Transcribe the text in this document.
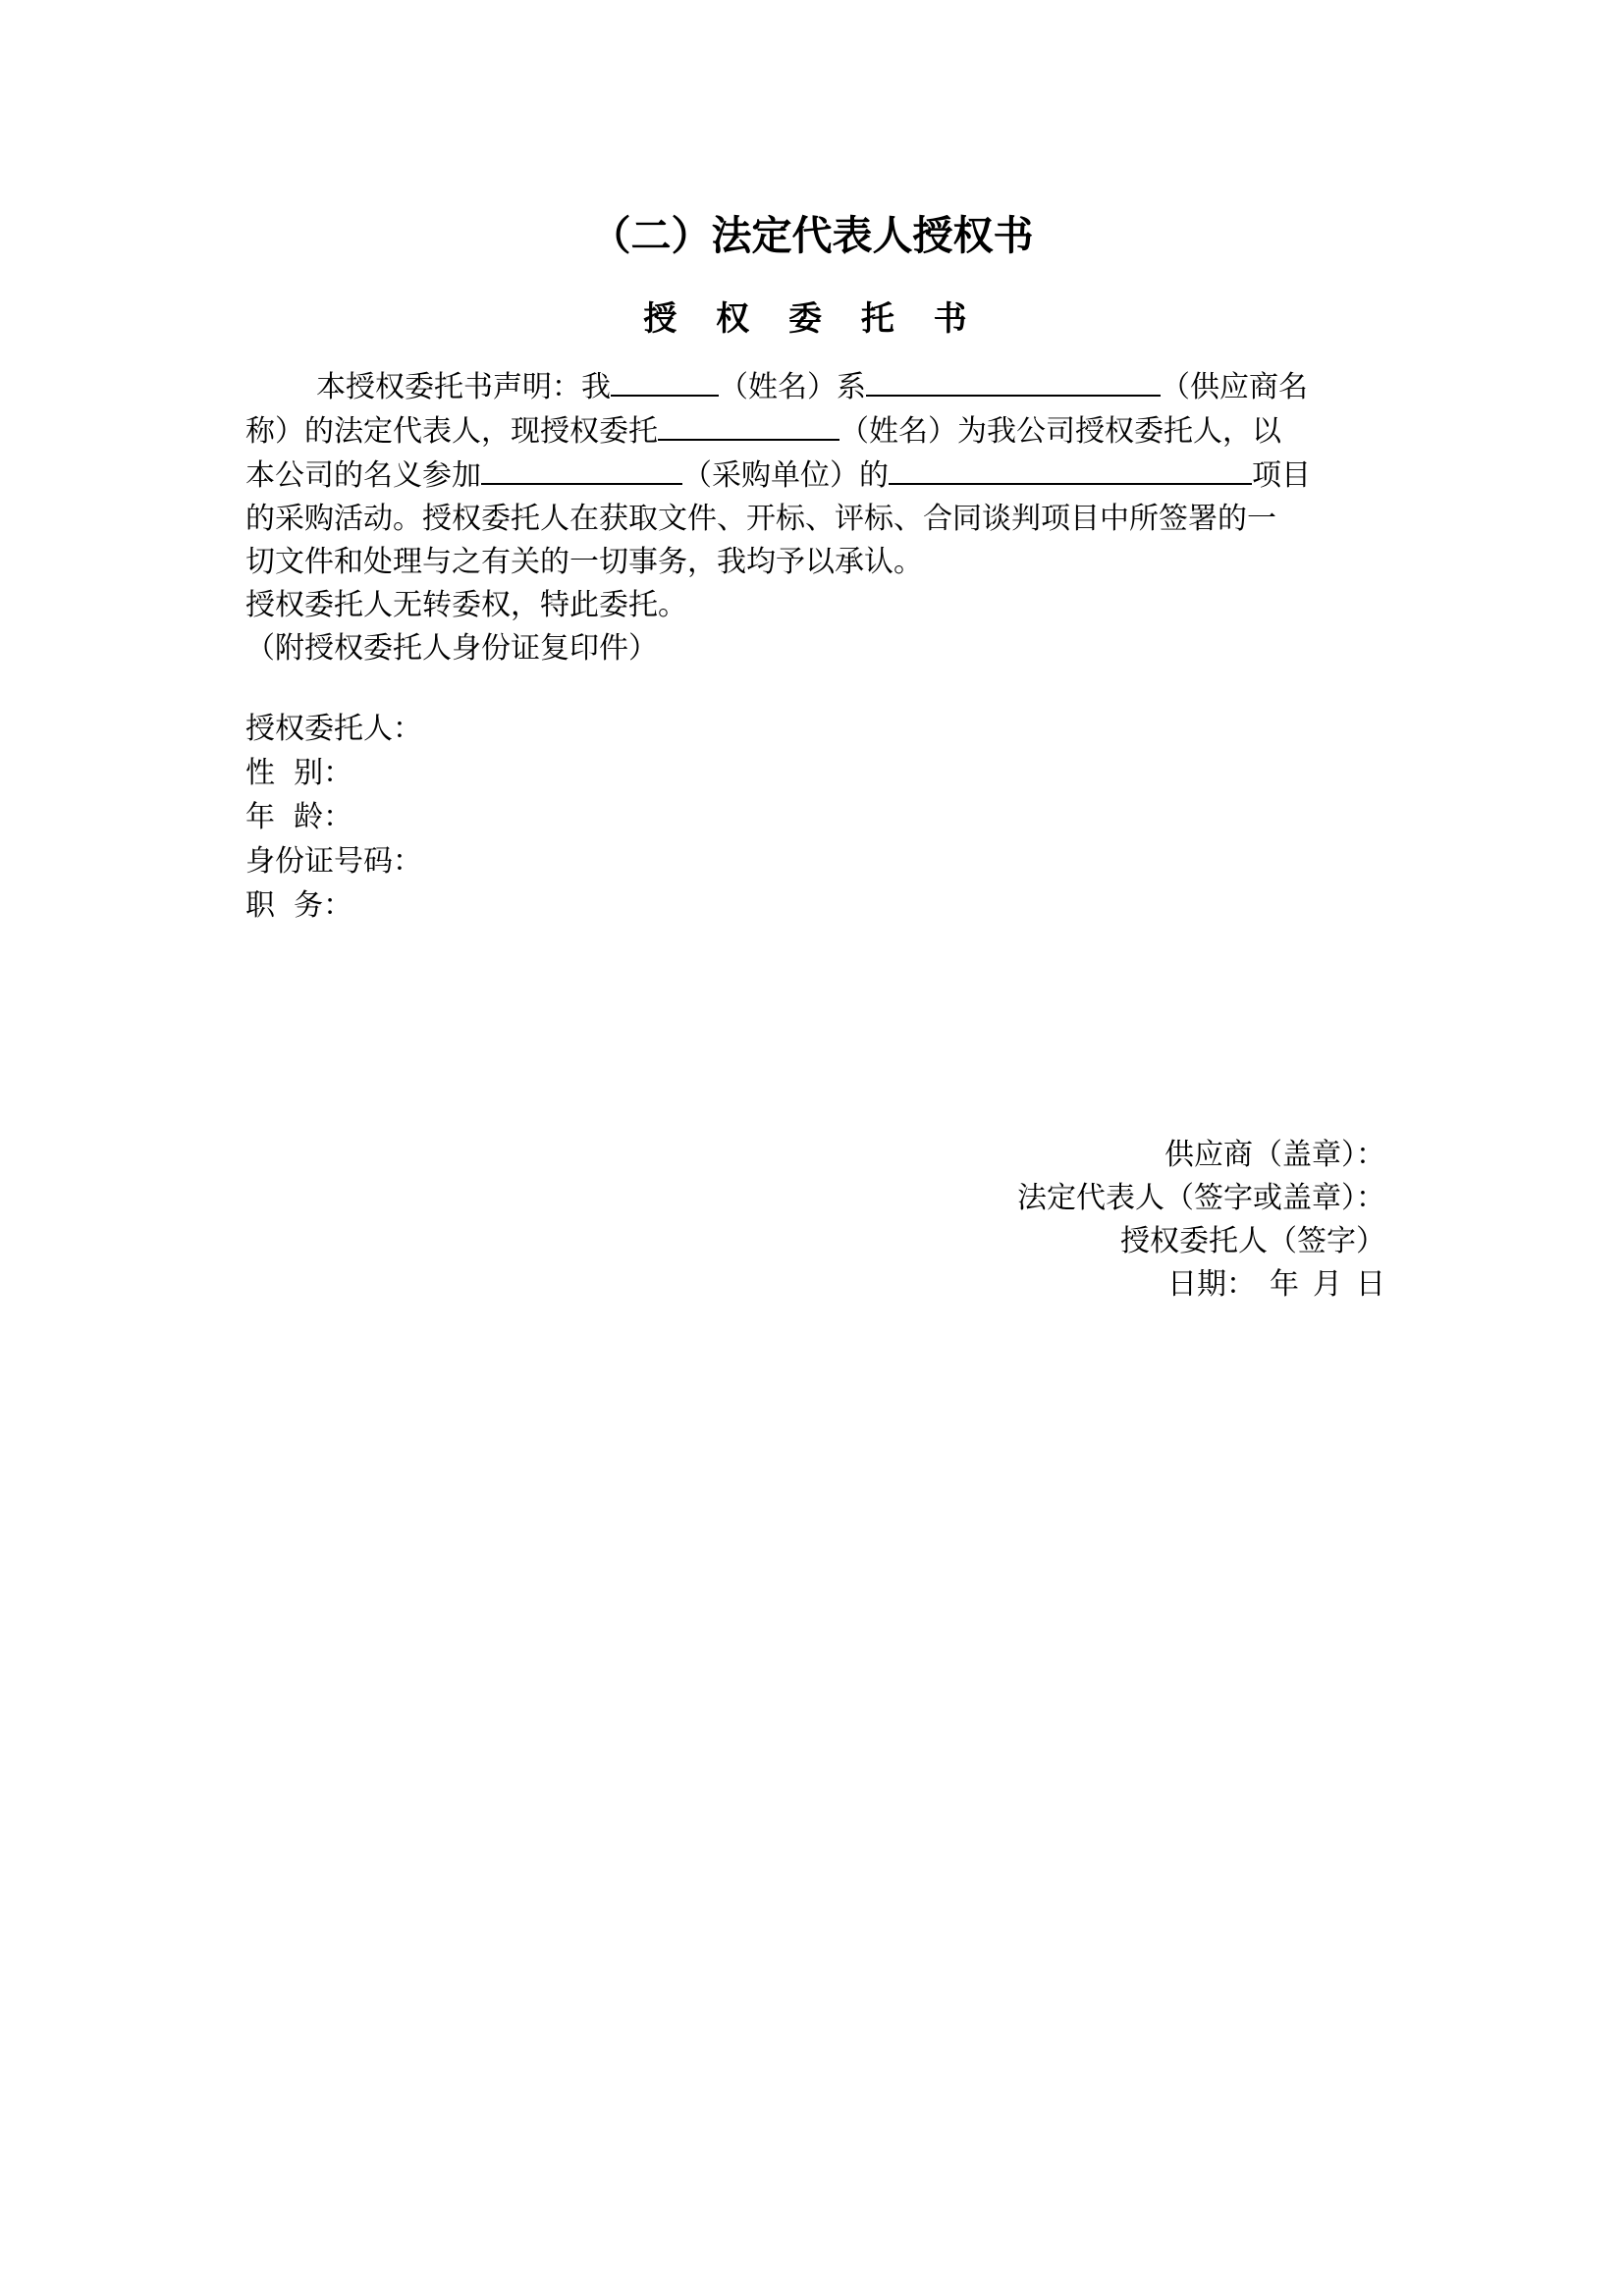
（二）法定代表人授权书
授 权 委 托 书
本授权委托书声明：我	（姓名）系	（供应商名
称）的法定代表人，现授权委托	（姓名）为我公司授权委托人，以
本公司的名义参加	（采购单位）的	项目
的采购活动。授权委托人在获取文件、开标、评标、合同谈判项目中所签署的一
切文件和处理与之有关的一切事务，我均予以承认。
授权委托人无转委权，特此委托。
（附授权委托人身份证复印件）
授权委托人：
性  别：
年  龄：
身份证号码：
职  务：
供应商（盖章）：
法定代表人（签字或盖章）：
授权委托人（签字）
日期： 年 月 日
